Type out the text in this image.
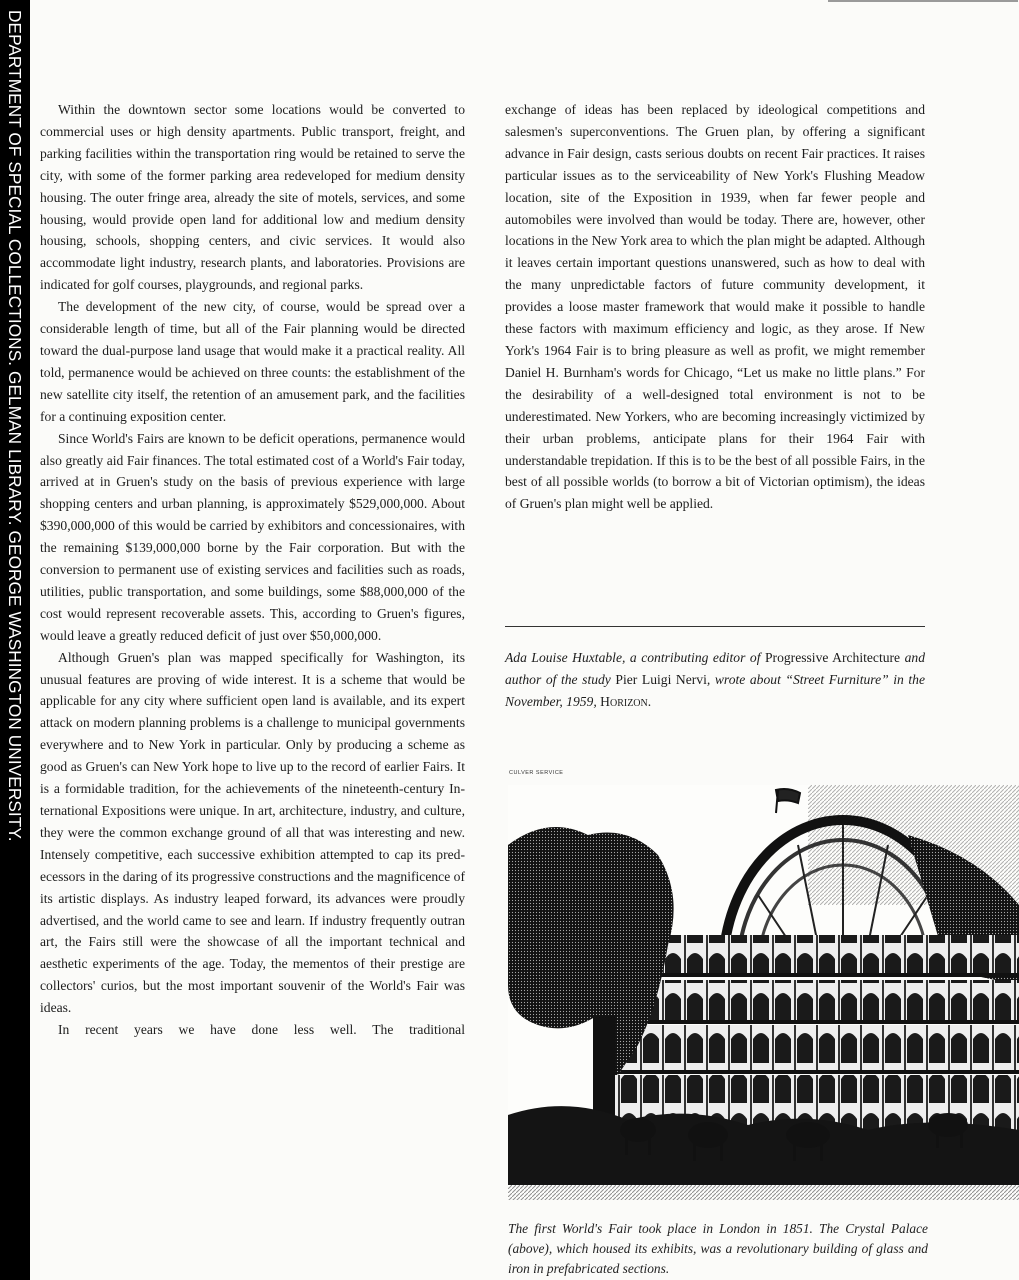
DEPARTMENT OF SPECIAL COLLECTIONS. GELMAN LIBRARY. GEORGE WASHINGTON UNIVERSITY.	Within the downtown sector some locations would be converted to commercial uses or high density apartments. Public transport, freight, and parking facilities within the transportation ring would be retained to serve the city, with some of the former parking area redeveloped for medium density housing. The outer fringe area, already the site of motels, services, and some housing, would provide open land for additional low and medium density housing, schools, shopping centers, and civic services. It would also accommodate light industry, research plants, and laboratories. Provisions are indicated for golf courses, playgrounds, and regional parks.

The development of the new city, of course, would be spread over a considerable length of time, but all of the Fair planning would be directed toward the dual-purpose land usage that would make it a practical reality. All told, permanence would be achieved on three counts: the establishment of the new satellite city itself, the retention of an amusement park, and the facilities for a continuing exposition center.

Since World's Fairs are known to be deficit operations, permanence would also greatly aid Fair finances. The total estimated cost of a World's Fair today, arrived at in Gruen's study on the basis of previous experience with large shopping centers and urban planning, is approximately $529,000,000. About $390,000,000 of this would be carried by exhibitors and concessionaires, with the remaining $139,000,000 borne by the Fair corporation. But with the conversion to permanent use of existing services and facilities such as roads, utilities, public transportation, and some buildings, some $88,000,000 of the cost would represent recoverable assets. This, according to Gruen's figures, would leave a greatly reduced deficit of just over $50,000,000.

Although Gruen's plan was mapped specifically for Washington, its unusual features are proving of wide interest. It is a scheme that would be applicable for any city where sufficient open land is available, and its expert attack on modern planning problems is a challenge to municipal governments everywhere and to New York in particular. Only by producing a scheme as good as Gruen's can New York hope to live up to the record of earlier Fairs. It is a formidable tradition, for the achievements of the nineteenth-century International Expositions were unique. In art, architecture, industry, and culture, they were the common exchange ground of all that was interesting and new. Intensely competitive, each successive exhibition attempted to cap its predecessors in the daring of its progressive constructions and the magnificence of its artistic displays. As industry leaped forward, its advances were proudly advertised, and the world came to see and learn. If industry frequently outran art, the Fairs still were the showcase of all the important technical and aesthetic experiments of the age. Today, the mementos of their prestige are collectors' curios, but the most important souvenir of the World's Fair was ideas.

In recent years we have done less well. The traditional

exchange of ideas has been replaced by ideological competitions and salesmen's superconventions. The Gruen plan, by offering a significant advance in Fair design, casts serious doubts on recent Fair practices. It raises particular issues as to the serviceability of New York's Flushing Meadow location, site of the Exposition in 1939, when far fewer people and automobiles were involved than would be today. There are, however, other locations in the New York area to which the plan might be adapted. Although it leaves certain important questions unanswered, such as how to deal with the many unpredictable factors of future community development, it provides a loose master framework that would make it possible to handle these factors with maximum efficiency and logic, as they arose. If New York's 1964 Fair is to bring pleasure as well as profit, we might remember Daniel H. Burnham's words for Chicago, “Let us make no little plans.” For the desirability of a well-designed total environment is not to be underestimated. New Yorkers, who are becoming increasingly victimized by their urban problems, anticipate plans for their 1964 Fair with understandable trepidation. If this is to be the best of all possible Fairs, in the best of all possible worlds (to borrow a bit of Victorian optimism), the ideas of Gruen's plan might well be applied.

Ada Louise Huxtable, a contributing editor of Progressive Architecture and author of the study Pier Luigi Nervi, wrote about “Street Furniture” in the November, 1959, Horizon.
CULVER SERVICE
The first World's Fair took place in London in 1851. The Crystal Palace (above), which housed its exhibits, was a revolutionary building of glass and iron in prefabricated sections.
